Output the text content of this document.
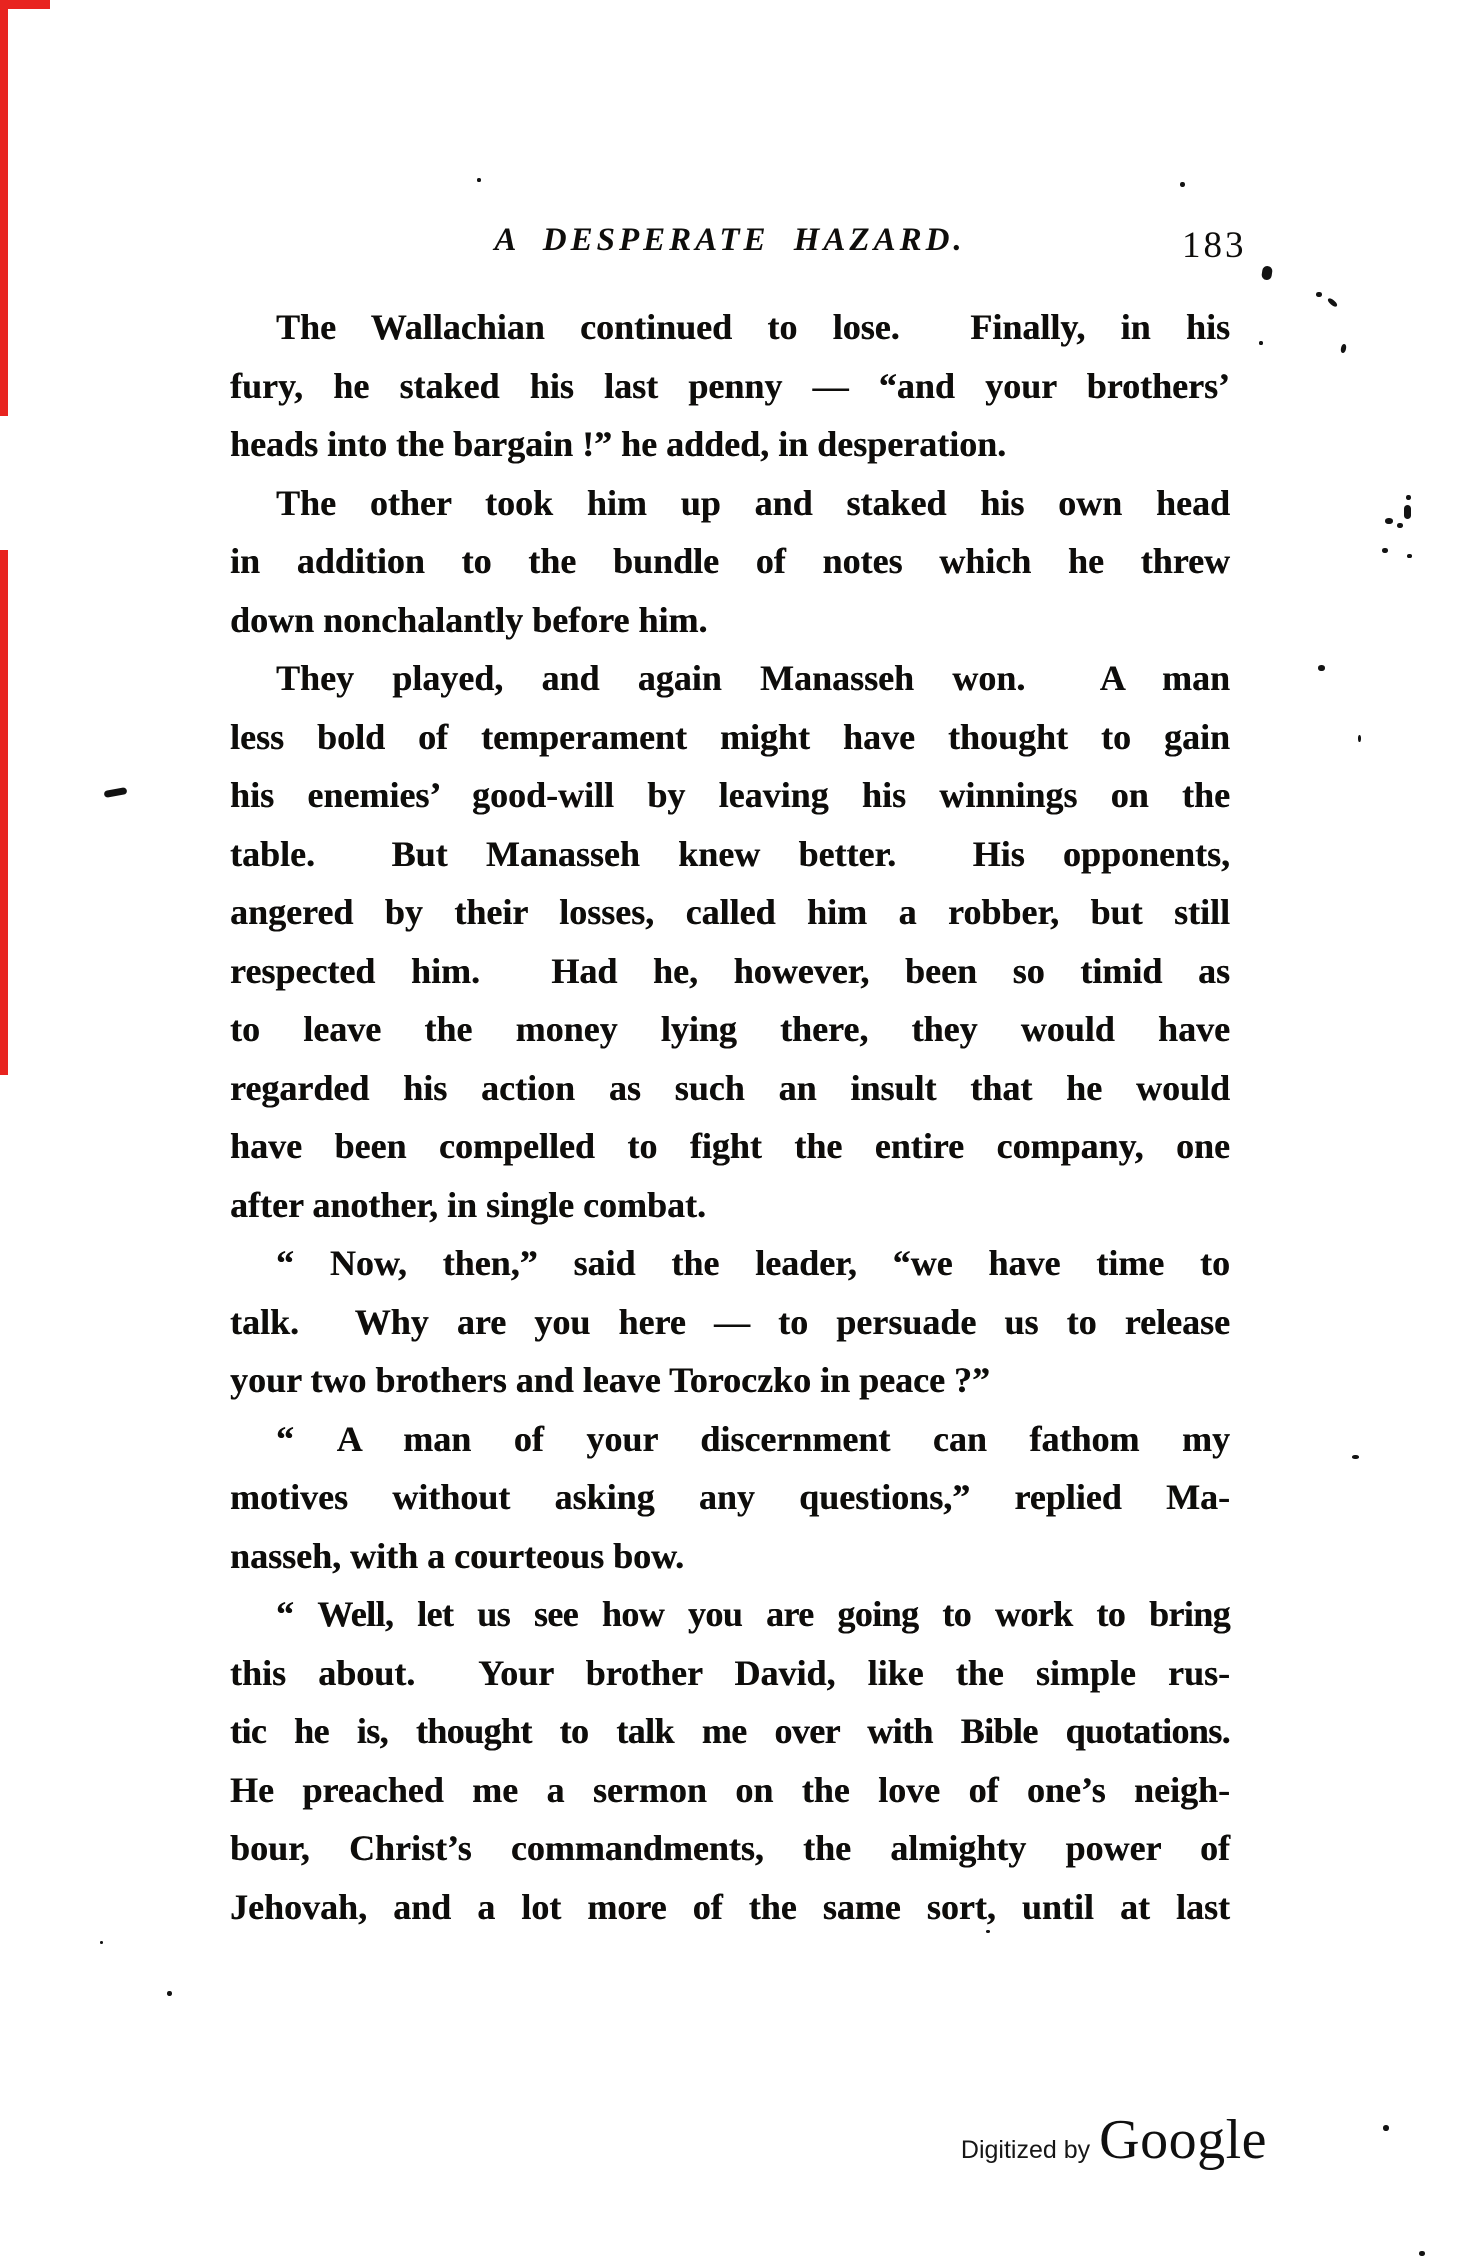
A DESPERATE HAZARD.	183
The Wallachian continued to lose.  Finally, in his
fury, he staked his last penny — “and your brothers’
heads into the bargain !” he added, in desperation.
The other took him up and staked his own head
in addition to the bundle of notes which he threw
down nonchalantly before him.
They played, and again Manasseh won.  A man
less bold of temperament might have thought to gain
his enemies’ good-will by leaving his winnings on the
table.  But Manasseh knew better.  His opponents,
angered by their losses, called him a robber, but still
respected him.  Had he, however, been so timid as
to leave the money lying there, they would have
regarded his action as such an insult that he would
have been compelled to fight the entire company, one
after another, in single combat.
“ Now, then,” said the leader, “we have time to
talk.  Why are you here — to persuade us to release
your two brothers and leave Toroczko in peace ?”
“ A man of your discernment can fathom my
motives without asking any questions,” replied Ma-
nasseh, with a courteous bow.
“ Well, let us see how you are going to work to bring
this about.  Your brother David, like the simple rus-
tic he is, thought to talk me over with Bible quotations.
He preached me a sermon on the love of one’s neigh-
bour, Christ’s commandments, the almighty power of
Jehovah, and a lot more of the same sort, until at last
Digitized by Google
